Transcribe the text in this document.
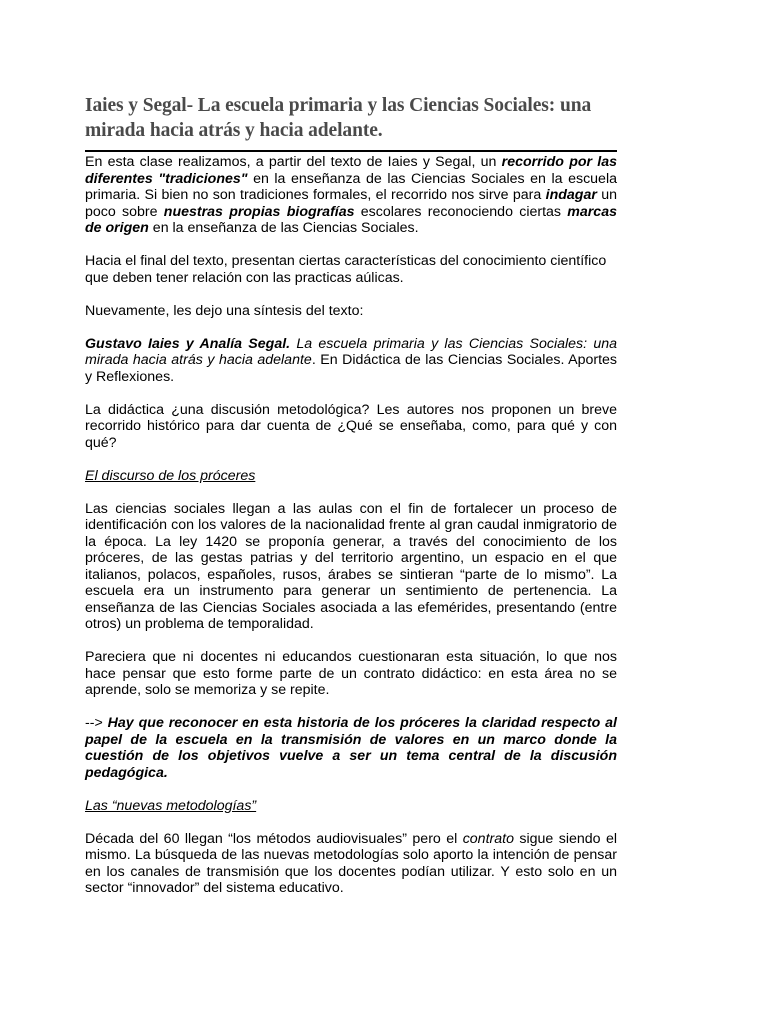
Iaies y Segal- La escuela primaria y las Ciencias Sociales: una mirada hacia atrás y hacia adelante.

En esta clase realizamos, a partir del texto de Iaies y Segal, un recorrido por las diferentes "tradiciones" en la enseñanza de las Ciencias Sociales en la escuela primaria. Si bien no son tradiciones formales, el recorrido nos sirve para indagar un poco sobre nuestras propias biografías escolares reconociendo ciertas marcas de origen en la enseñanza de las Ciencias Sociales.

Hacia el final del texto, presentan ciertas características del conocimiento científico que deben tener relación con las practicas aúlicas.

Nuevamente, les dejo una síntesis del texto:

Gustavo Iaies y Analía Segal. La escuela primaria y las Ciencias Sociales: una mirada hacia atrás y hacia adelante. En Didáctica de las Ciencias Sociales. Aportes y Reflexiones.

La didáctica ¿una discusión metodológica? Les autores nos proponen un breve recorrido histórico para dar cuenta de ¿Qué se enseñaba, como, para qué y con qué?

El discurso de los próceres

Las ciencias sociales llegan a las aulas con el fin de fortalecer un proceso de identificación con los valores de la nacionalidad frente al gran caudal inmigratorio de la época. La ley 1420 se proponía generar, a través del conocimiento de los próceres, de las gestas patrias y del territorio argentino, un espacio en el que italianos, polacos, españoles, rusos, árabes se sintieran “parte de lo mismo”. La escuela era un instrumento para generar un sentimiento de pertenencia. La enseñanza de las Ciencias Sociales asociada a las efemérides, presentando (entre otros) un problema de temporalidad.

Pareciera que ni docentes ni educandos cuestionaran esta situación, lo que nos hace pensar que esto forme parte de un contrato didáctico: en esta área no se aprende, solo se memoriza y se repite.

--> Hay que reconocer en esta historia de los próceres la claridad respecto al papel de la escuela en la transmisión de valores en un marco donde la cuestión de los objetivos vuelve a ser un tema central de la discusión pedagógica.

Las “nuevas metodologías”

Década del 60 llegan “los métodos audiovisuales” pero el contrato sigue siendo el mismo. La búsqueda de las nuevas metodologías solo aporto la intención de pensar en los canales de transmisión que los docentes podían utilizar. Y esto solo en un sector “innovador” del sistema educativo.
